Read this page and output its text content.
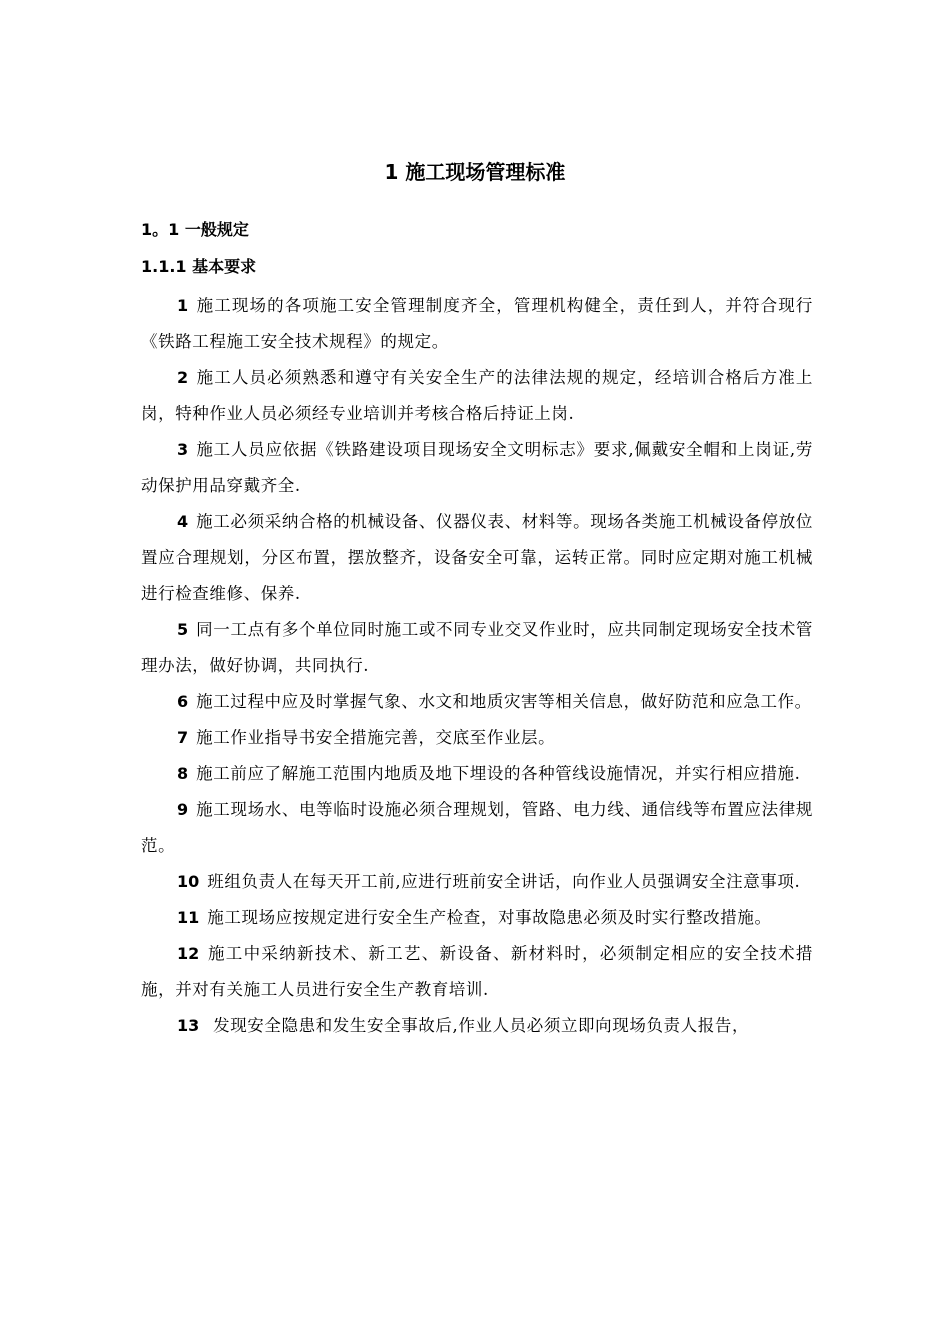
1 施工现场管理标准
1。1 一般规定
1.1.1 基本要求
1 施工现场的各项施工安全管理制度齐全，管理机构健全，责任到人，并符合现行《铁路工程施工安全技术规程》的规定。
2 施工人员必须熟悉和遵守有关安全生产的法律法规的规定，经培训合格后方准上岗，特种作业人员必须经专业培训并考核合格后持证上岗.
3 施工人员应依据《铁路建设项目现场安全文明标志》要求,佩戴安全帽和上岗证,劳动保护用品穿戴齐全.
4 施工必须采纳合格的机械设备、仪器仪表、材料等。现场各类施工机械设备停放位置应合理规划，分区布置，摆放整齐，设备安全可靠，运转正常。同时应定期对施工机械进行检查维修、保养.
5 同一工点有多个单位同时施工或不同专业交叉作业时，应共同制定现场安全技术管理办法，做好协调，共同执行.
6 施工过程中应及时掌握气象、水文和地质灾害等相关信息，做好防范和应急工作。
7 施工作业指导书安全措施完善，交底至作业层。
8 施工前应了解施工范围内地质及地下埋设的各种管线设施情况，并实行相应措施.
9 施工现场水、电等临时设施必须合理规划，管路、电力线、通信线等布置应法律规范。
10 班组负责人在每天开工前,应进行班前安全讲话，向作业人员强调安全注意事项.
11 施工现场应按规定进行安全生产检查，对事故隐患必须及时实行整改措施。
12 施工中采纳新技术、新工艺、新设备、新材料时，必须制定相应的安全技术措施，并对有关施工人员进行安全生产教育培训.
13 发现安全隐患和发生安全事故后,作业人员必须立即向现场负责人报告，
